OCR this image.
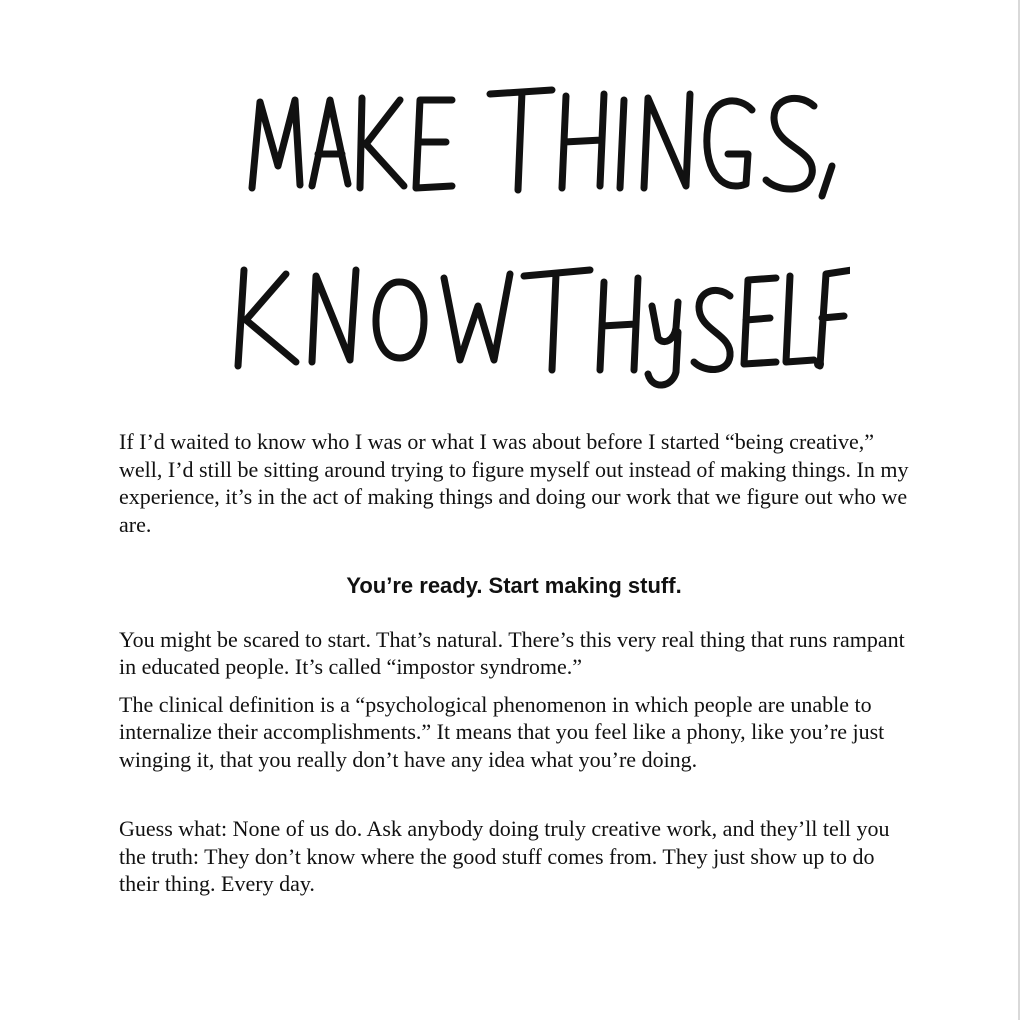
If I’d waited to know who I was or what I was about before I started “being creative,” well, I’d still be sitting around trying to figure myself out instead of making things. In my experience, it’s in the act of making things and doing our work that we figure out who we are.

You’re ready. Start making stuff.

You might be scared to start. That’s natural. There’s this very real thing that runs rampant in educated people. It’s called “impostor syndrome.”

The clinical definition is a “psychological phenomenon in which people are unable to internalize their accomplishments.” It means that you feel like a phony, like you’re just winging it, that you really don’t have any idea what you’re doing.

Guess what: None of us do. Ask anybody doing truly creative work, and they’ll tell you the truth: They don’t know where the good stuff comes from. They just show up to do their thing. Every day.
